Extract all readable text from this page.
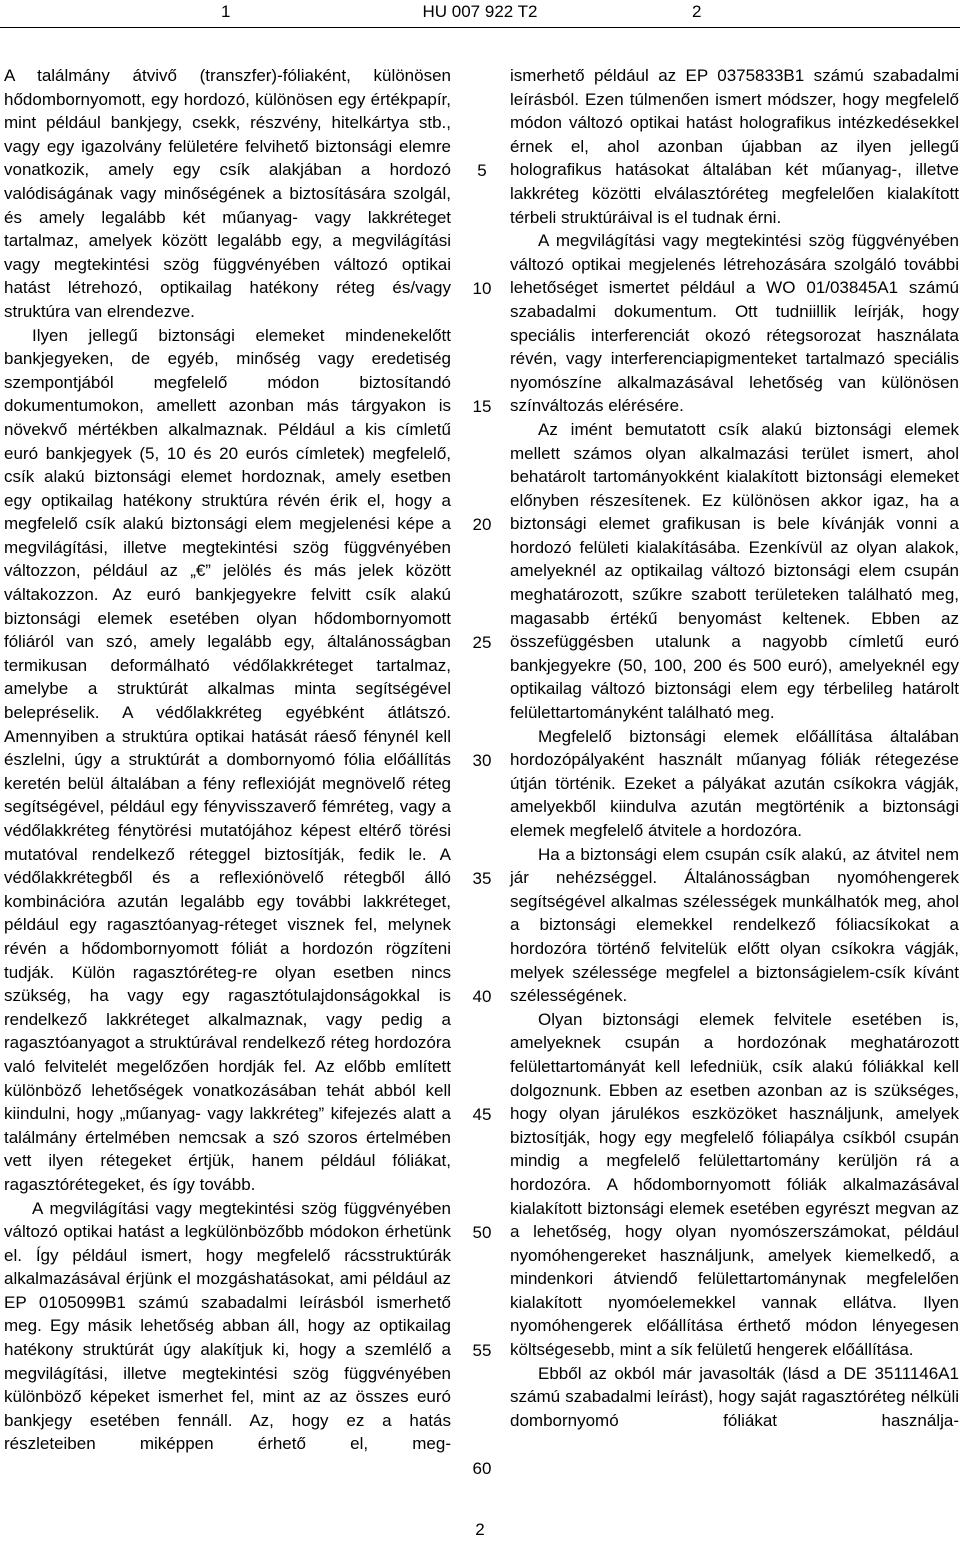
1	HU 007 922 T2	2

A találmány átvivő (transzfer)-fóliaként, különösen hődombornyomott, egy hordozó, különösen egy értékpapír, mint például bankjegy, csekk, részvény, hitelkártya stb., vagy egy igazolvány felületére felvihető biztonsági elemre vonatkozik, amely egy csík alakjában a hordozó valódiságának vagy minőségének a biztosítására szolgál, és amely legalább két műanyag- vagy lakkréteget tartalmaz, amelyek között legalább egy, a megvilágítási vagy megtekintési szög függvényében változó optikai hatást létrehozó, optikailag hatékony réteg és/vagy struktúra van elrendezve.

Ilyen jellegű biztonsági elemeket mindenekelőtt bankjegyeken, de egyéb, minőség vagy eredetiség szempontjából megfelelő módon biztosítandó dokumentumokon, amellett azonban más tárgyakon is növekvő mértékben alkalmaznak. Például a kis címletű euró bankjegyek (5, 10 és 20 eurós címletek) megfelelő, csík alakú biztonsági elemet hordoznak, amely esetben egy optikailag hatékony struktúra révén érik el, hogy a megfelelő csík alakú biztonsági elem megjelenési képe a megvilágítási, illetve megtekintési szög függvényében változzon, például az „€” jelölés és más jelek között váltakozzon. Az euró bankjegyekre felvitt csík alakú biztonsági elemek esetében olyan hődombornyomott fóliáról van szó, amely legalább egy, általánosságban termikusan deformálható védőlakkréteget tartalmaz, amelybe a struktúrát alkalmas minta segítségével belepréselik. A védőlakkréteg egyébként átlátszó. Amennyiben a struktúra optikai hatását ráeső fénynél kell észlelni, úgy a struktúrát a dombornyomó fólia előállítás keretén belül általában a fény reflexióját megnövelő réteg segítségével, például egy fényvisszaverő fémréteg, vagy a védőlakkréteg fénytörési mutatójához képest eltérő törési mutatóval rendelkező réteggel biztosítják, fedik le. A védőlakkrétegből és a reflexiónövelő rétegből álló kombinációra azután legalább egy további lakkréteget, például egy ragasztóanyag-réteget visznek fel, melynek révén a hődombornyomott fóliát a hordozón rögzíteni tudják. Külön ragasztóréteg-re olyan esetben nincs szükség, ha vagy egy ragasztótulajdonságokkal is rendelkező lakkréteget alkalmaznak, vagy pedig a ragasztóanyagot a struktúrával rendelkező réteg hordozóra való felvitelét megelőzően hordják fel. Az előbb említett különböző lehetőségek vonatkozásában tehát abból kell kiindulni, hogy „műanyag- vagy lakkréteg” kifejezés alatt a találmány értelmében nemcsak a szó szoros értelmében vett ilyen rétegeket értjük, hanem például fóliákat, ragasztórétegeket, és így tovább.

A megvilágítási vagy megtekintési szög függvényében változó optikai hatást a legkülönbözőbb módokon érhetünk el. Így például ismert, hogy megfelelő rácsstruktúrák alkalmazásával érjünk el mozgáshatásokat, ami például az EP 0105099B1 számú szabadalmi leírásból ismerhető meg. Egy másik lehetőség abban áll, hogy az optikailag hatékony struktúrát úgy alakítjuk ki, hogy a szemlélő a megvilágítási, illetve megtekintési szög függvényében különböző képeket ismerhet fel, mint az az összes euró bankjegy esetében fennáll. Az, hogy ez a hatás részleteiben miképpen érhető el, meg-

5
10
15
20
25
30
35
40
45
50
55
60

ismerhető például az EP 0375833B1 számú szabadalmi leírásból. Ezen túlmenően ismert módszer, hogy megfelelő módon változó optikai hatást holografikus intézkedésekkel érnek el, ahol azonban újabban az ilyen jellegű holografikus hatásokat általában két műanyag-, illetve lakkréteg közötti elválasztóréteg megfelelően kialakított térbeli struktúráival is el tudnak érni.

A megvilágítási vagy megtekintési szög függvényében változó optikai megjelenés létrehozására szolgáló további lehetőséget ismertet például a WO 01/03845A1 számú szabadalmi dokumentum. Ott tudniillik leírják, hogy speciális interferenciát okozó rétegsorozat használata révén, vagy interferenciapigmenteket tartalmazó speciális nyomószíne alkalmazásával lehetőség van különösen színváltozás elérésére.

Az imént bemutatott csík alakú biztonsági elemek mellett számos olyan alkalmazási terület ismert, ahol behatárolt tartományokként kialakított biztonsági elemeket előnyben részesítenek. Ez különösen akkor igaz, ha a biztonsági elemet grafikusan is bele kívánják vonni a hordozó felületi kialakításába. Ezenkívül az olyan alakok, amelyeknél az optikailag változó biztonsági elem csupán meghatározott, szűkre szabott területeken található meg, magasabb értékű benyomást keltenek. Ebben az összefüggésben utalunk a nagyobb címletű euró bankjegyekre (50, 100, 200 és 500 euró), amelyeknél egy optikailag változó biztonsági elem egy térbelileg határolt felülettartományként található meg.

Megfelelő biztonsági elemek előállítása általában hordozópályaként használt műanyag fóliák rétegezése útján történik. Ezeket a pályákat azután csíkokra vágják, amelyekből kiindulva azután megtörténik a biztonsági elemek megfelelő átvitele a hordozóra.

Ha a biztonsági elem csupán csík alakú, az átvitel nem jár nehézséggel. Általánosságban nyomóhengerek segítségével alkalmas szélességek munkálhatók meg, ahol a biztonsági elemekkel rendelkező fóliacsíkokat a hordozóra történő felvitelük előtt olyan csíkokra vágják, melyek szélessége megfelel a biztonságielem-csík kívánt szélességének.

Olyan biztonsági elemek felvitele esetében is, amelyeknek csupán a hordozónak meghatározott felülettartományát kell lefedniük, csík alakú fóliákkal kell dolgoznunk. Ebben az esetben azonban az is szükséges, hogy olyan járulékos eszközöket használjunk, amelyek biztosítják, hogy egy megfelelő fóliapálya csíkból csupán mindig a megfelelő felülettartomány kerüljön rá a hordozóra. A hődombornyomott fóliák alkalmazásával kialakított biztonsági elemek esetében egyrészt megvan az a lehetőség, hogy olyan nyomószerszámokat, például nyomóhengereket használjunk, amelyek kiemelkedő, a mindenkori átviendő felülettartománynak megfelelően kialakított nyomóelemekkel vannak ellátva. Ilyen nyomóhengerek előállítása érthető módon lényegesen költségesebb, mint a sík felületű hengerek előállítása.

Ebből az okból már javasolták (lásd a DE 3511146A1 számú szabadalmi leírást), hogy saját ragasztóréteg nélküli dombornyomó fóliákat használja-

2
